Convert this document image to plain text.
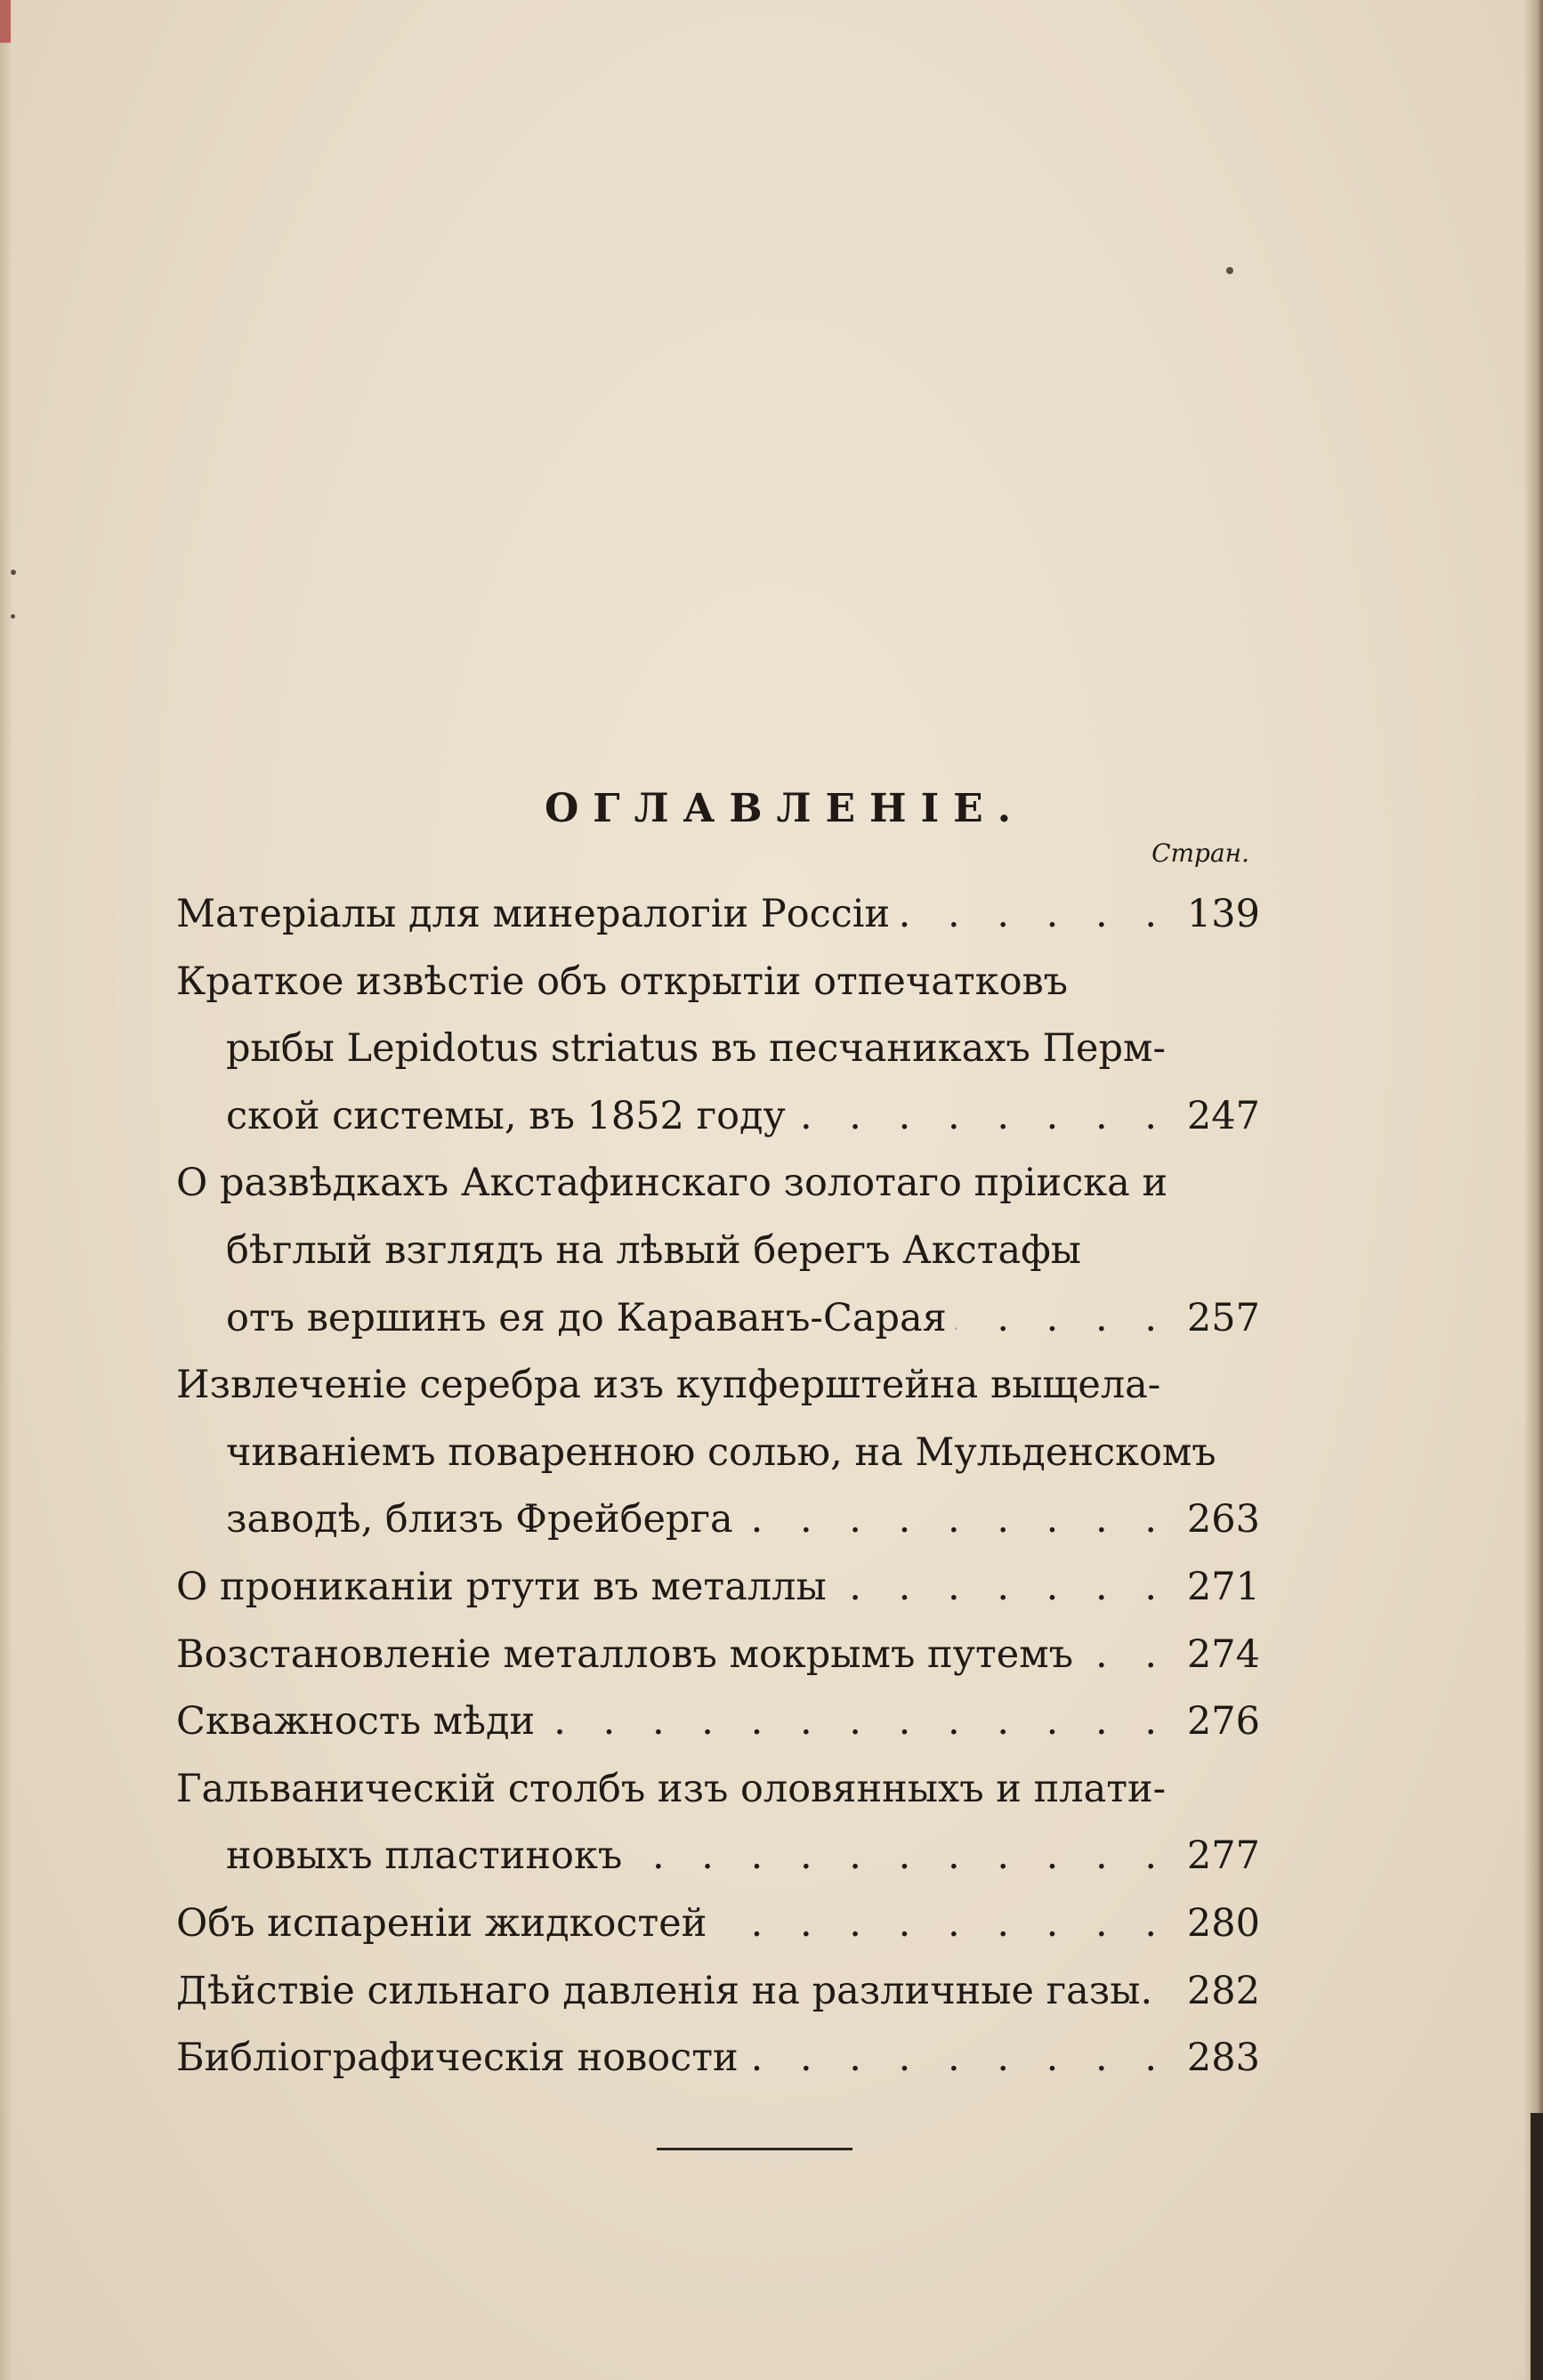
ОГЛАВЛЕНІЕ.
Стран.
Матеріалы для минералогіи Россіи . . .	139
Краткое извѣстіе объ открытіи отпечатковъ
рыбы Lepidotus striatus въ песчаникахъ Перм-
ской системы, въ 1852 году . . .	247
О развѣдкахъ Акстафинскаго золотаго пріиска и
бѣглый взглядъ на лѣвый берегъ Акстафы
отъ вершинъ ея до Караванъ-Сарая . . .	257
Извлеченіе серебра изъ купферштейна выщела-
чиваніемъ поваренною солью, на Мульденскомъ
заводѣ, близъ Фрейберга . . .	263
О проникaніи ртути въ металлы . . .	271
Возстановленіе металловъ мокрымъ путемъ . . .	274
Скважность мѣди . . .	276
Гальваническій столбъ изъ оловянныхъ и плати-
новыхъ пластинокъ . . .	277
Объ испареніи жидкостей . . .	280
Дѣйствіе сильнаго давленія на различные газы. . . . 282
Библіографическія новости . . .	283
